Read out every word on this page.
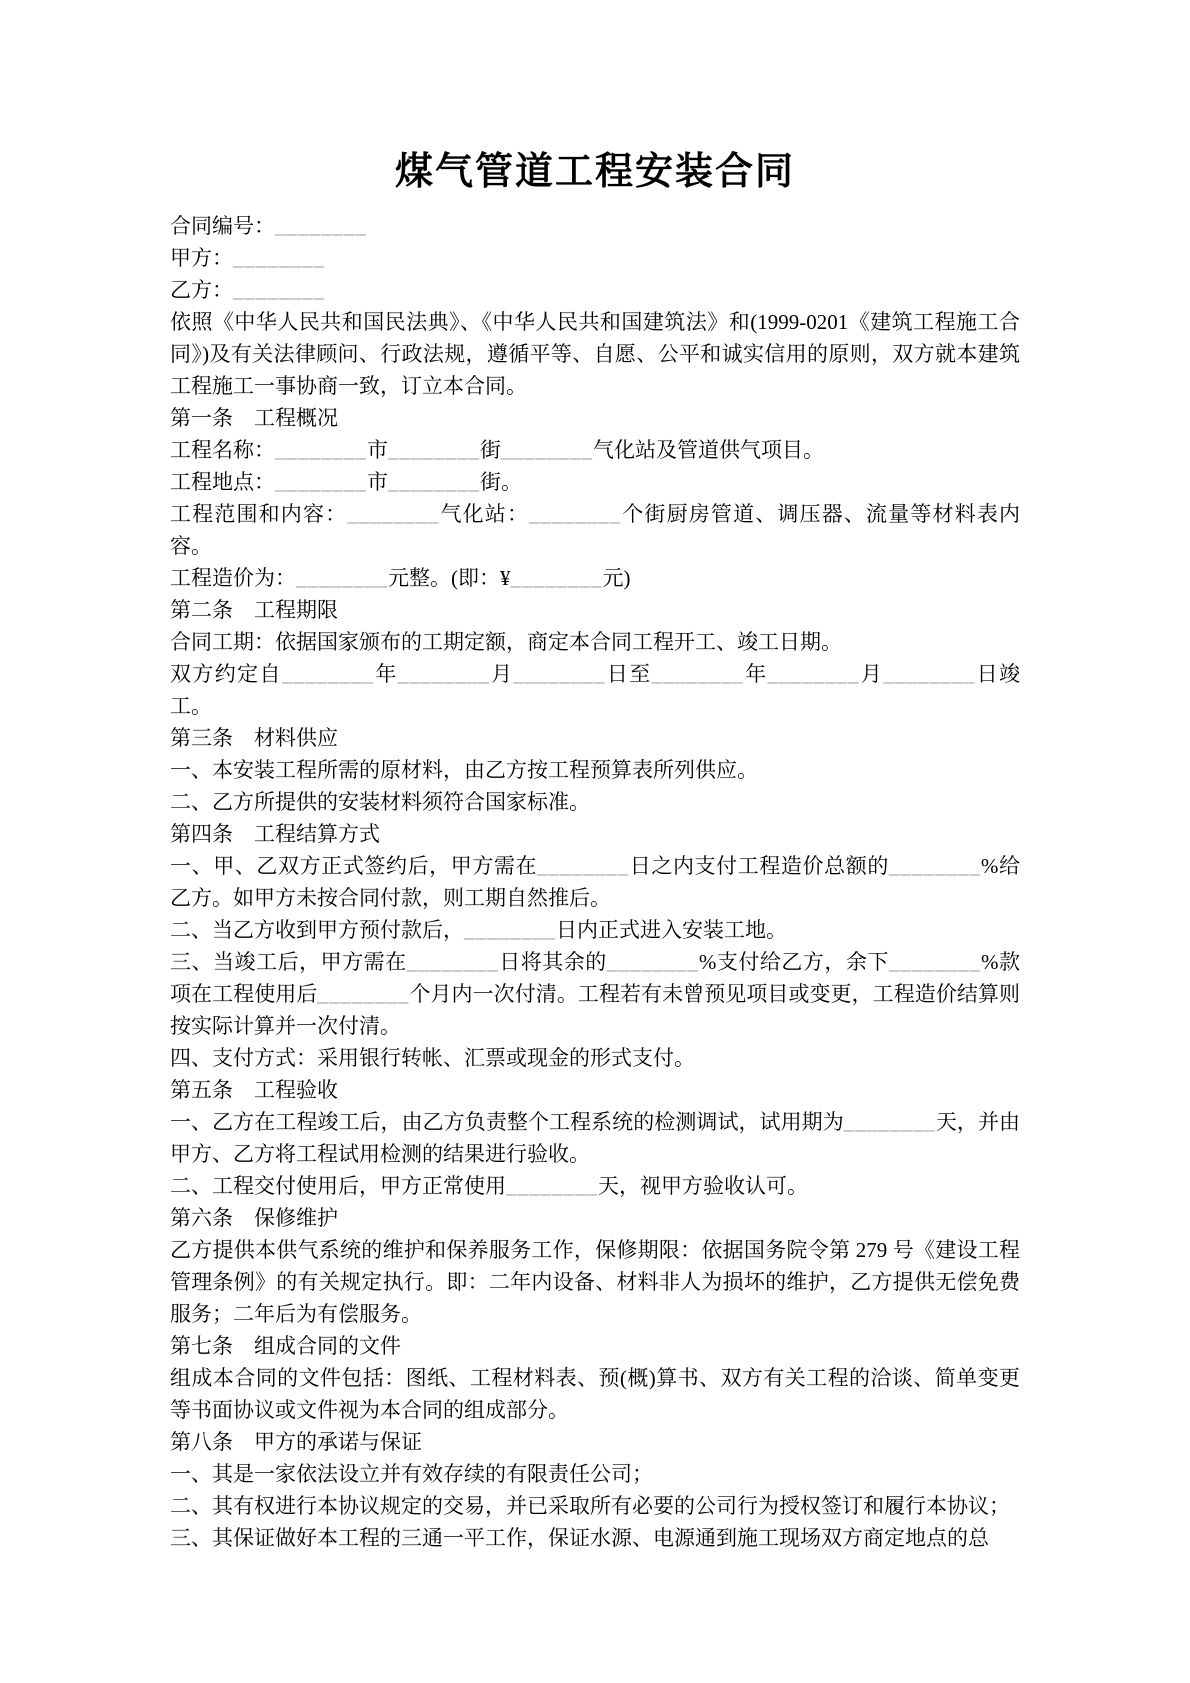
煤气管道工程安装合同

合同编号：________

甲方：________

乙方：________

依照《中华人民共和国民法典》、《中华人民共和国建筑法》和(1999-0201《建筑工程施工合同》)及有关法律顾问、行政法规，遵循平等、自愿、公平和诚实信用的原则，双方就本建筑工程施工一事协商一致，订立本合同。

第一条　工程概况

工程名称：________市________街________气化站及管道供气项目。

工程地点：________市________街。

工程范围和内容：________气化站：________个街厨房管道、调压器、流量等材料表内容。

工程造价为：________元整。(即：¥________元)

第二条　工程期限

合同工期：依据国家颁布的工期定额，商定本合同工程开工、竣工日期。

双方约定自________年________月________日至________年________月________日竣工。

第三条　材料供应

一、本安装工程所需的原材料，由乙方按工程预算表所列供应。

二、乙方所提供的安装材料须符合国家标准。

第四条　工程结算方式

一、甲、乙双方正式签约后，甲方需在________日之内支付工程造价总额的________%给乙方。如甲方未按合同付款，则工期自然推后。

二、当乙方收到甲方预付款后，________日内正式进入安装工地。

三、当竣工后，甲方需在________日将其余的________%支付给乙方，余下________%款项在工程使用后________个月内一次付清。工程若有未曾预见项目或变更，工程造价结算则按实际计算并一次付清。

四、支付方式：采用银行转帐、汇票或现金的形式支付。

第五条　工程验收

一、乙方在工程竣工后，由乙方负责整个工程系统的检测调试，试用期为________天，并由甲方、乙方将工程试用检测的结果进行验收。

二、工程交付使用后，甲方正常使用________天，视甲方验收认可。

第六条　保修维护

乙方提供本供气系统的维护和保养服务工作，保修期限：依据国务院令第 279 号《建设工程管理条例》的有关规定执行。即：二年内设备、材料非人为损坏的维护，乙方提供无偿免费服务；二年后为有偿服务。

第七条　组成合同的文件

组成本合同的文件包括：图纸、工程材料表、预(概)算书、双方有关工程的洽谈、简单变更等书面协议或文件视为本合同的组成部分。

第八条　甲方的承诺与保证

一、其是一家依法设立并有效存续的有限责任公司；

二、其有权进行本协议规定的交易，并已采取所有必要的公司行为授权签订和履行本协议；

三、其保证做好本工程的三通一平工作，保证水源、电源通到施工现场双方商定地点的总
